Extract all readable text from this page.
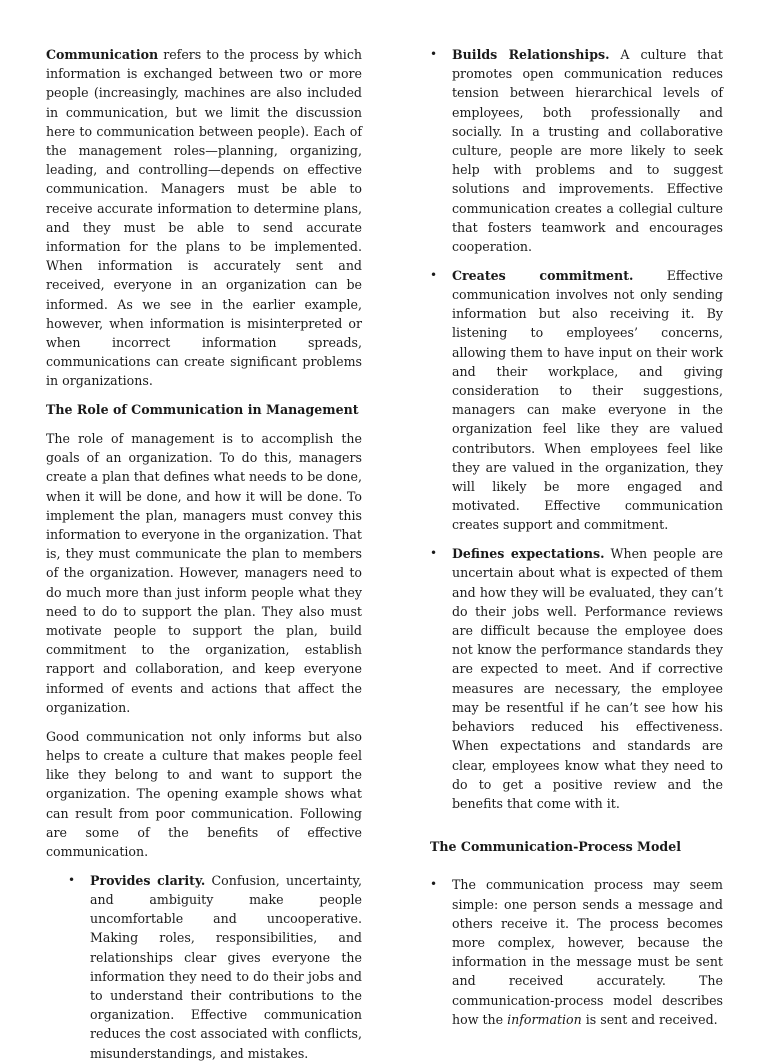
Communication refers to the process by which information is exchanged between two or more people (increasingly, machines are also included in communication, but we limit the discussion here to communication between people). Each of the management roles—planning, organizing, leading, and controlling—depends on effective communication. Managers must be able to receive accurate information to determine plans, and they must be able to send accurate information for the plans to be implemented. When information is accurately sent and received, everyone in an organization can be informed. As we see in the earlier example, however, when information is misinterpreted or when incorrect information spreads, communications can create significant problems in organizations.

The Role of Communication in Management

The role of management is to accomplish the goals of an organization. To do this, managers create a plan that defines what needs to be done, when it will be done, and how it will be done. To implement the plan, managers must convey this information to everyone in the organization. That is, they must communicate the plan to members of the organization. However, managers need to do much more than just inform people what they need to do to support the plan. They also must motivate people to support the plan, build commitment to the organization, establish rapport and collaboration, and keep everyone informed of events and actions that affect the organization.

Good communication not only informs but also helps to create a culture that makes people feel like they belong to and want to support the organization. The opening example shows what can result from poor communication. Following are some of the benefits of effective communication.

• Provides clarity. Confusion, uncertainty, and ambiguity make people uncomfortable and uncooperative. Making roles, responsibilities, and relationships clear gives everyone the information they need to do their jobs and to understand their contributions to the organization. Effective communication reduces the cost associated with conflicts, misunderstandings, and mistakes.
• Builds Relationships. A culture that promotes open communication reduces tension between hierarchical levels of employees, both professionally and socially. In a trusting and collaborative culture, people are more likely to seek help with problems and to suggest solutions and improvements. Effective communication creates a collegial culture that fosters teamwork and encourages cooperation.
• Creates commitment. Effective communication involves not only sending information but also receiving it. By listening to employees’ concerns, allowing them to have input on their work and their workplace, and giving consideration to their suggestions, managers can make everyone in the organization feel like they are valued contributors. When employees feel like they are valued in the organization, they will likely be more engaged and motivated. Effective communication creates support and commitment.
• Defines expectations. When people are uncertain about what is expected of them and how they will be evaluated, they can’t do their jobs well. Performance reviews are difficult because the employee does not know the performance standards they are expected to meet. And if corrective measures are necessary, the employee may be resentful if he can’t see how his behaviors reduced his effectiveness. When expectations and standards are clear, employees know what they need to do to get a positive review and the benefits that come with it.
The Communication-Process Model
• The communication process may seem simple: one person sends a message and others receive it. The process becomes more complex, however, because the information in the message must be sent and received accurately. The communication-process model describes how the information is sent and received.
